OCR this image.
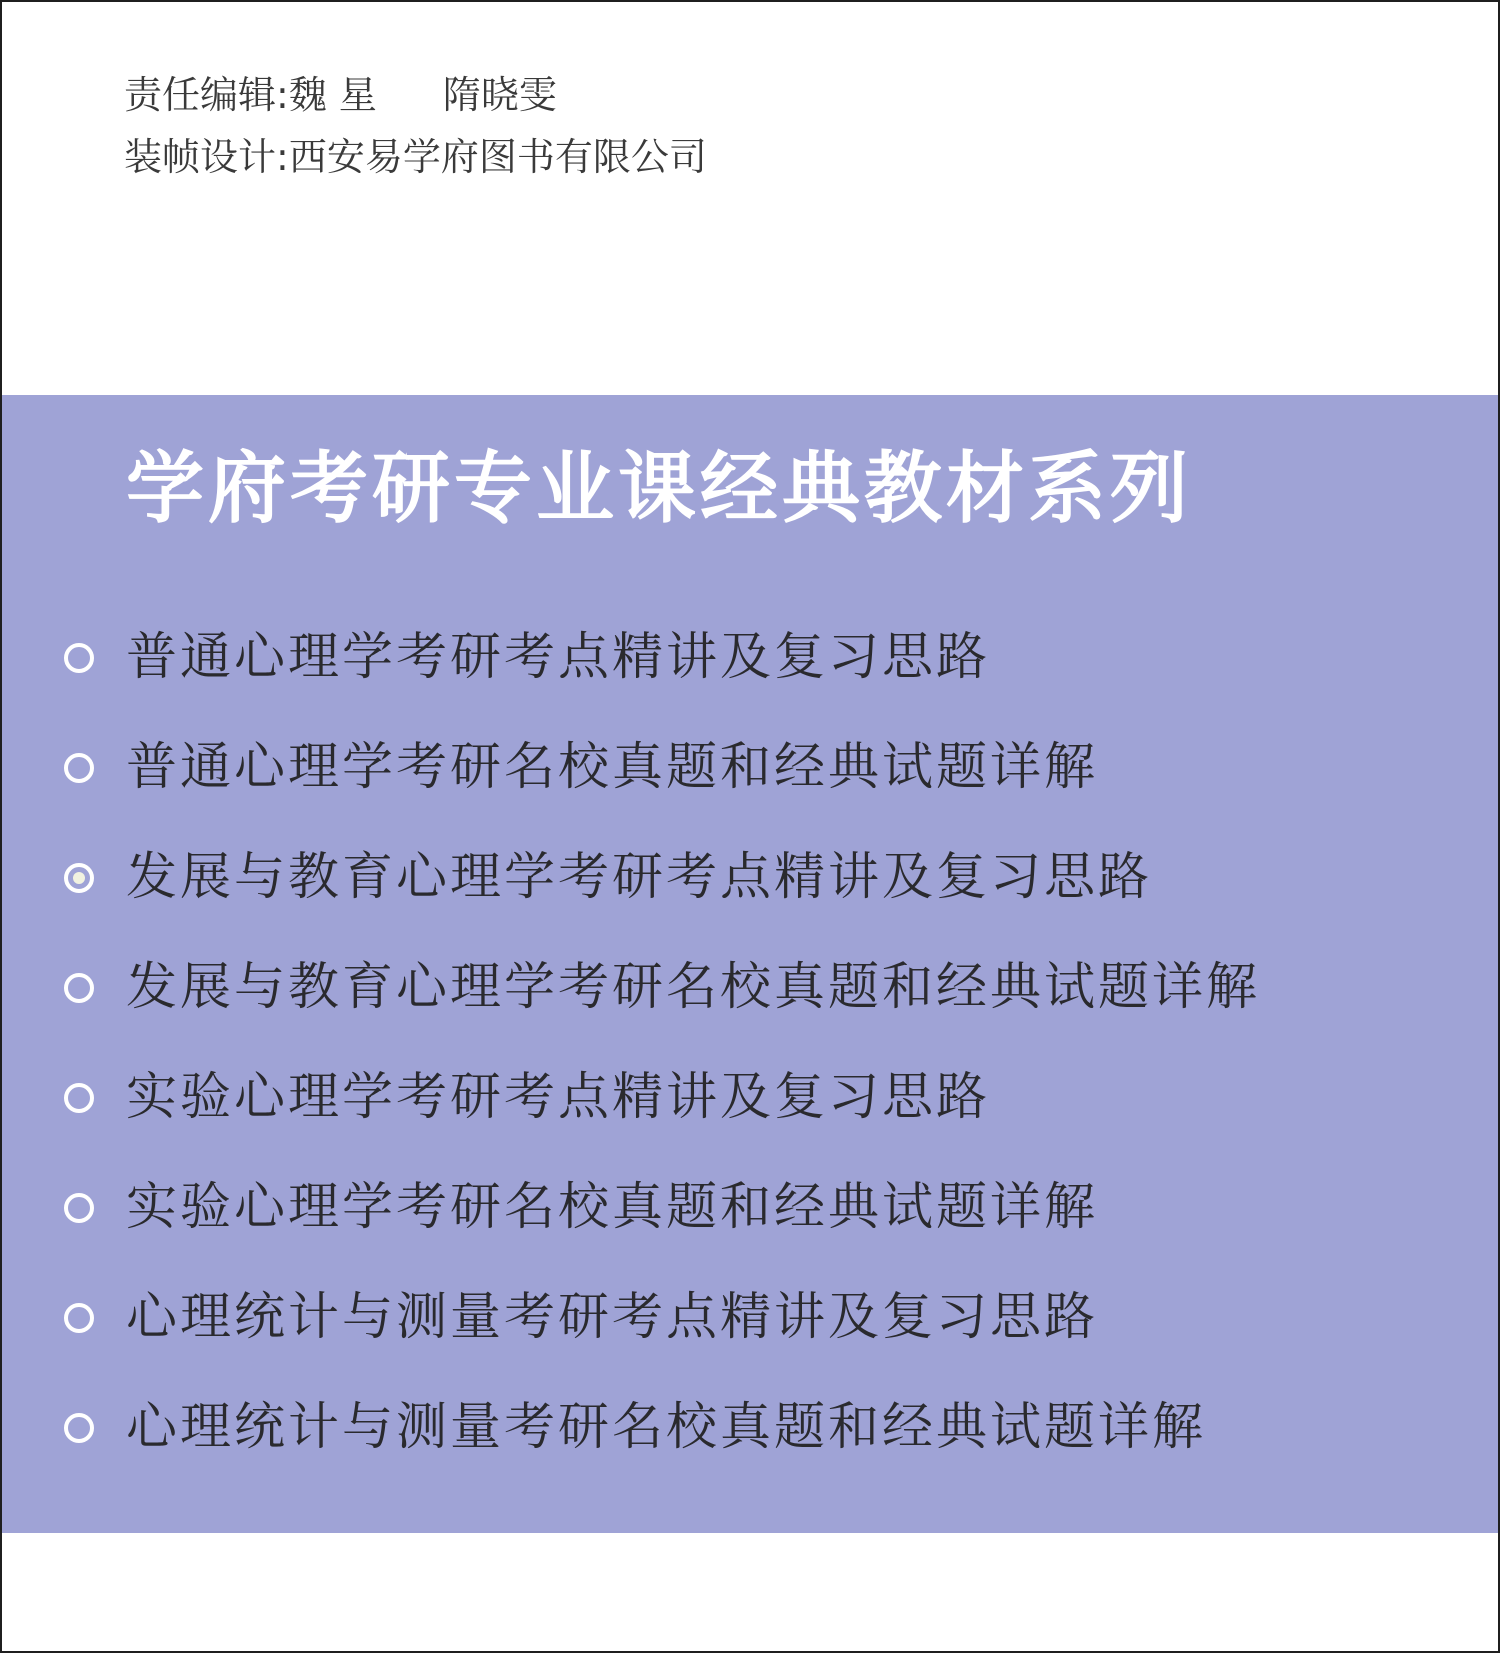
责任编辑: 魏 星 隋晓雯
装帧设计: 西安易学府图书有限公司
学府考研专业课经典教材系列
普通心理学考研考点精讲及复习思路
普通心理学考研名校真题和经典试题详解
发展与教育心理学考研考点精讲及复习思路
发展与教育心理学考研名校真题和经典试题详解
实验心理学考研考点精讲及复习思路
实验心理学考研名校真题和经典试题详解
心理统计与测量考研考点精讲及复习思路
心理统计与测量考研名校真题和经典试题详解
